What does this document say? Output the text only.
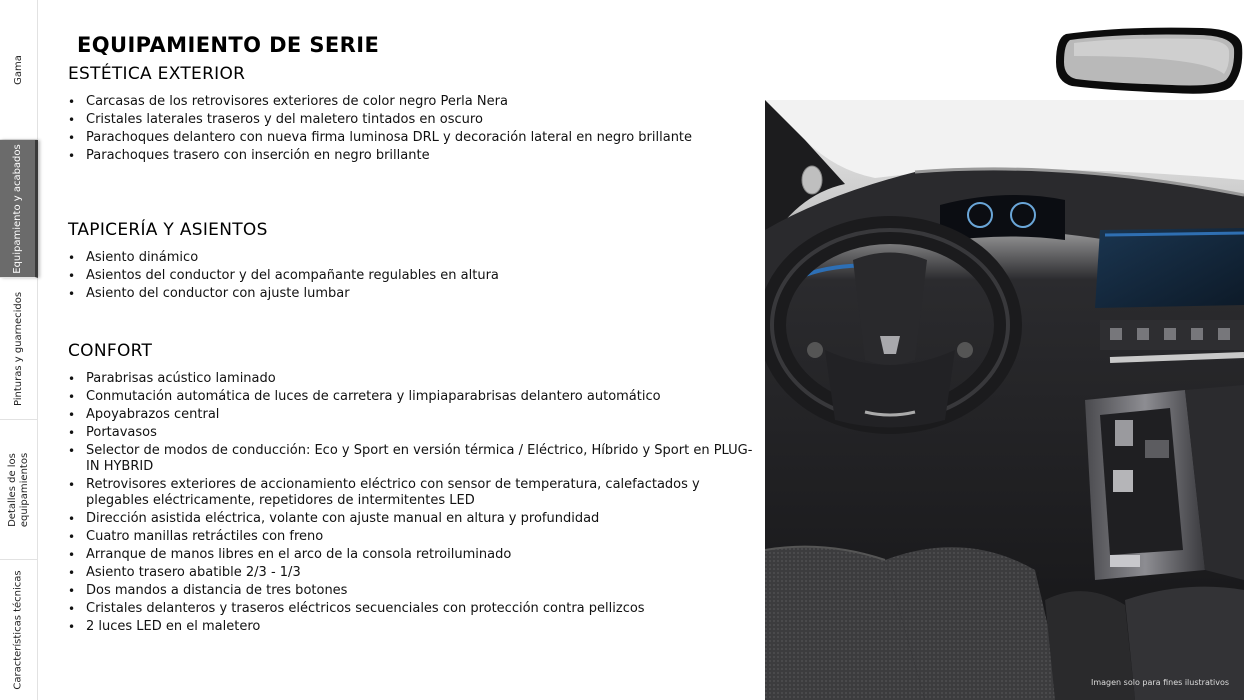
Gama
Equipamiento y acabados
Pinturas y guarnecidos
Detalles de los equipamientos
Características técnicas
EQUIPAMIENTO DE SERIE
ESTÉTICA EXTERIOR
• Carcasas de los retrovisores exteriores de color negro Perla Nera
• Cristales laterales traseros y del maletero tintados en oscuro
• Parachoques delantero con nueva firma luminosa DRL y decoración lateral en negro brillante
• Parachoques trasero con inserción en negro brillante
TAPICERÍA Y ASIENTOS
• Asiento dinámico
• Asientos del conductor y del acompañante regulables en altura
• Asiento del conductor con ajuste lumbar
CONFORT
• Parabrisas acústico laminado
• Conmutación automática de luces de carretera y limpiaparabrisas delantero automático
• Apoyabrazos central
• Portavasos
• Selector de modos de conducción: Eco y Sport en versión térmica / Eléctrico, Híbrido y Sport en PLUG-IN HYBRID
• Retrovisores exteriores de accionamiento eléctrico con sensor de temperatura, calefactados y plegables eléctricamente, repetidores de intermitentes LED
• Dirección asistida eléctrica, volante con ajuste manual en altura y profundidad
• Cuatro manillas retráctiles con freno
• Arranque de manos libres en el arco de la consola retroiluminado
• Asiento trasero abatible 2/3 - 1/3
• Dos mandos a distancia de tres botones
• Cristales delanteros y traseros eléctricos secuenciales con protección contra pellizcos
• 2 luces LED en el maletero
Imagen solo para fines ilustrativos
